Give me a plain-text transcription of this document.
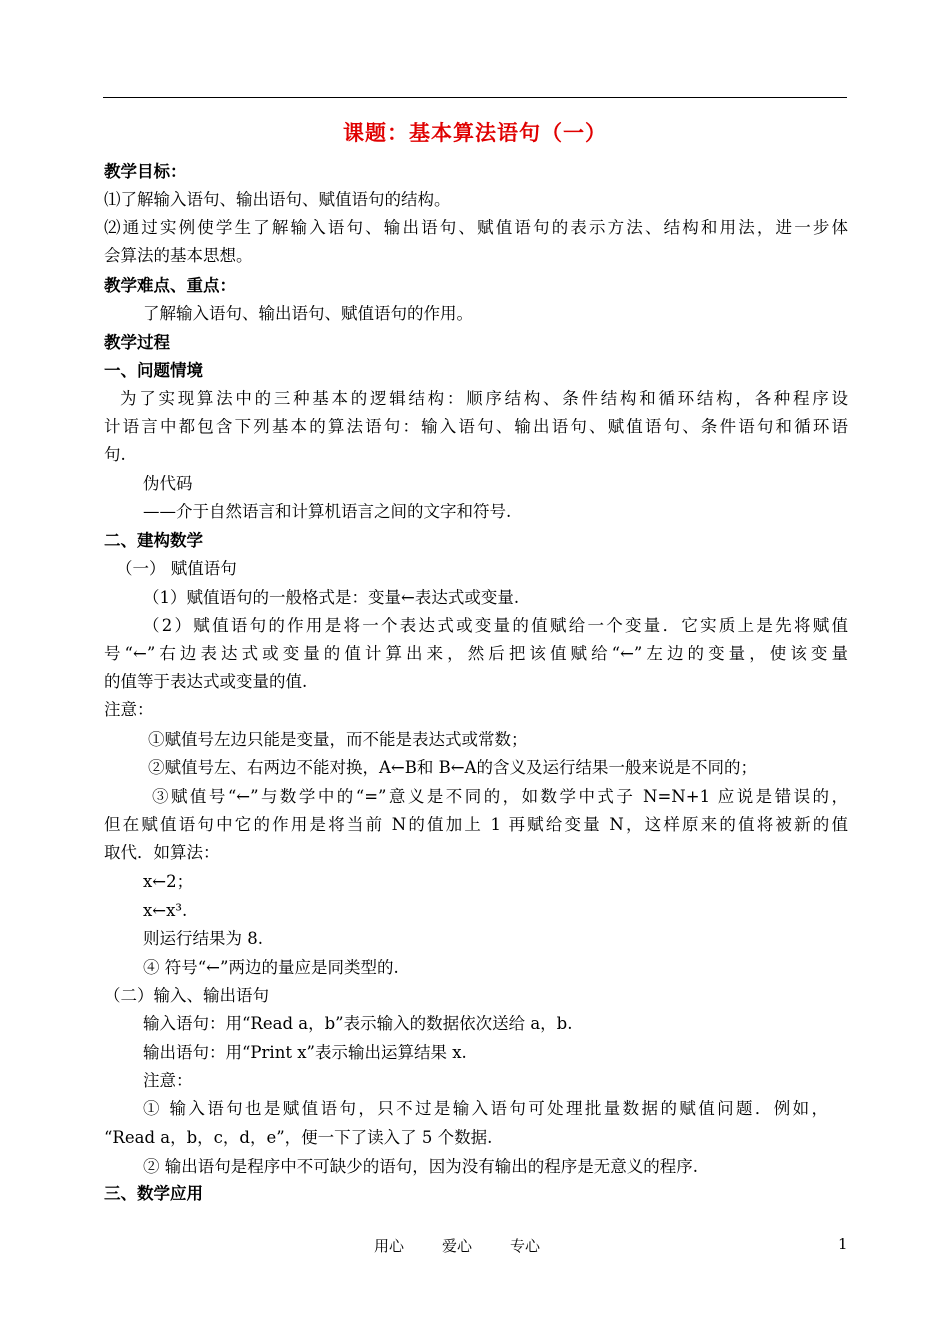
课题：基本算法语句（一）
教学目标：
⑴了解输入语句、输出语句、赋值语句的结构。
⑵通过实例使学生了解输入语句、输出语句、赋值语句的表示方法、结构和用法，进一步体
会算法的基本思想。
教学难点、重点：
了解输入语句、输出语句、赋值语句的作用。
教学过程
一、问题情境
为了实现算法中的三种基本的逻辑结构：顺序结构、条件结构和循环结构，各种程序设
计语言中都包含下列基本的算法语句：输入语句、输出语句、赋值语句、条件语句和循环语
句.
伪代码
——介于自然语言和计算机语言之间的文字和符号.
二、建构数学
（一） 赋值语句
（1）赋值语句的一般格式是：变量←表达式或变量.
（2）赋值语句的作用是将一个表达式或变量的值赋给一个变量．它实质上是先将赋值
号“←”右边表达式或变量的值计算出来，然后把该值赋给“←”左边的变量，使该变量
的值等于表达式或变量的值.
注意：
①赋值号左边只能是变量，而不能是表达式或常数；
②赋值号左、右两边不能对换，A←B和 B←A的含义及运行结果一般来说是不同的；
③赋值号“←”与数学中的“=”意义是不同的，如数学中式子 N=N+1 应说是错误的，
但在赋值语句中它的作用是将当前 N的值加上 1 再赋给变量 N，这样原来的值将被新的值
取代．如算法：
x←2；
x←x³.
则运行结果为 8.
④ 符号“←”两边的量应是同类型的.
（二）输入、输出语句
输入语句：用“Read a，b”表示输入的数据依次送给 a，b.
输出语句：用“Print x”表示输出运算结果 x.
注意：
① 输入语句也是赋值语句，只不过是输入语句可处理批量数据的赋值问题．例如，
“Read a，b，c，d，e”，便一下了读入了 5 个数据.
② 输出语句是程序中不可缺少的语句，因为没有输出的程序是无意义的程序.
三、数学应用
用心	爱心	专心	1
